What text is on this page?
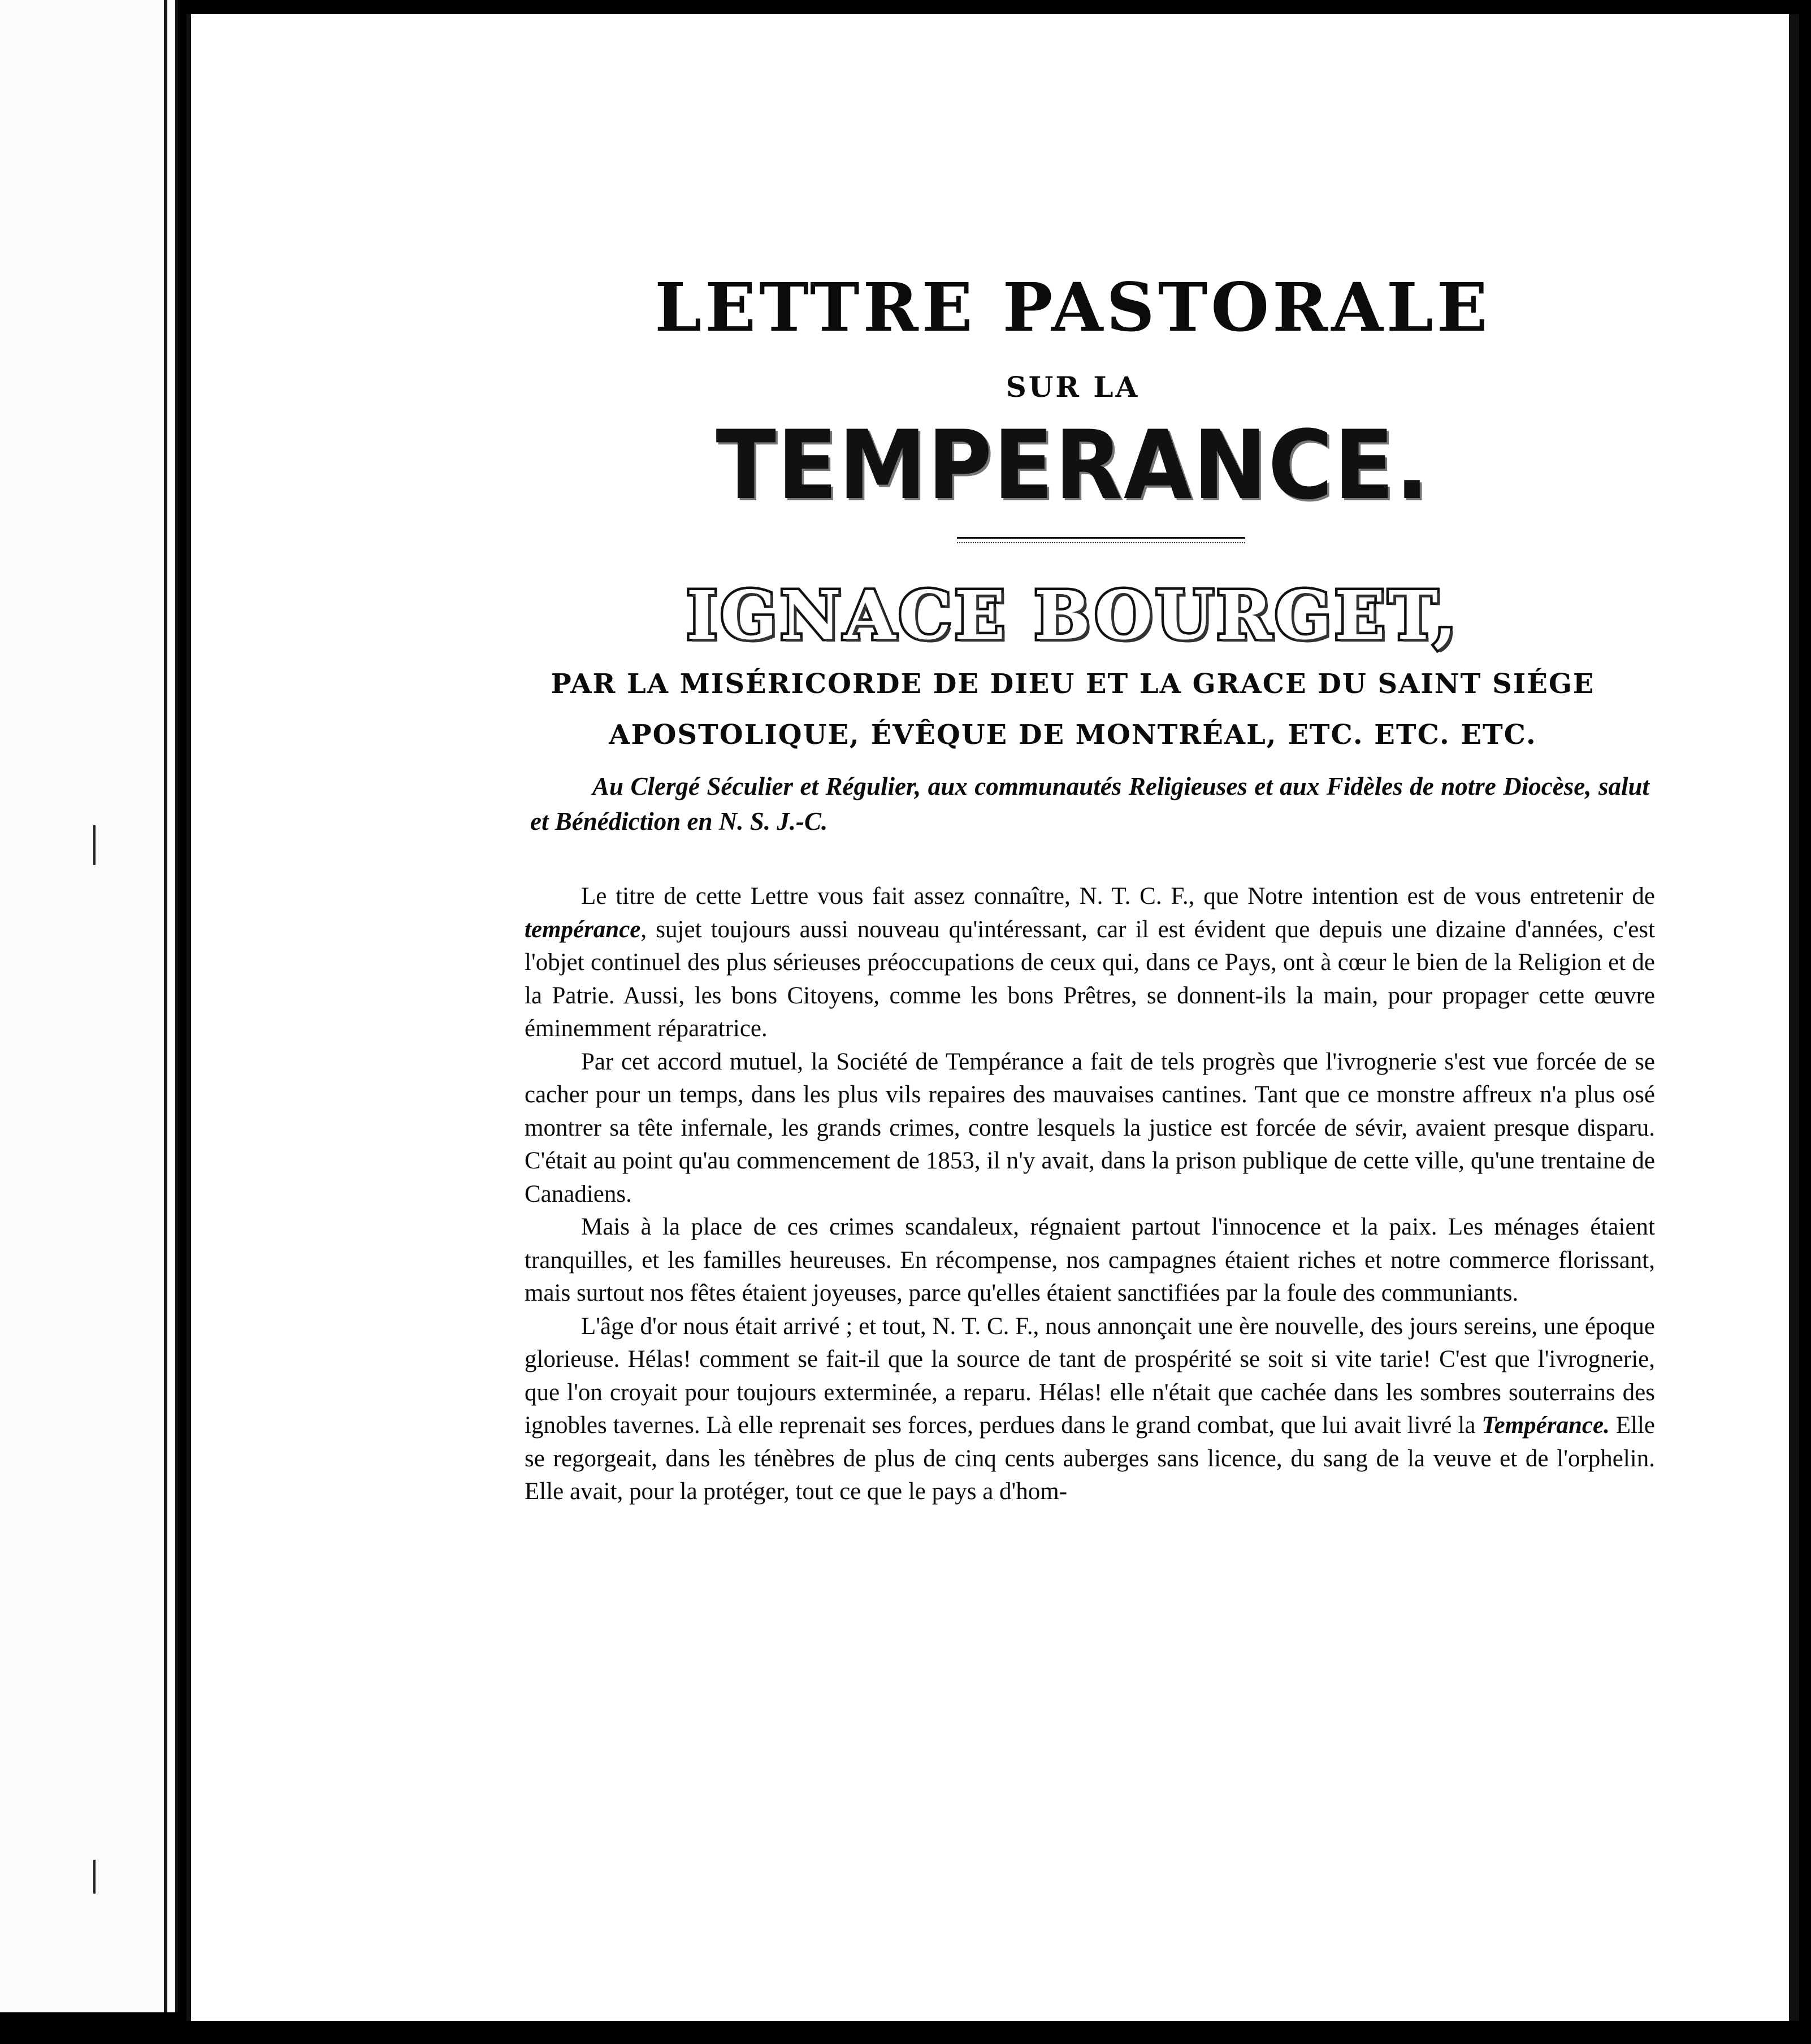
LETTRE PASTORALE
SUR LA
TEMPERANCE.
IGNACE BOURGET,
PAR LA MISÉRICORDE DE DIEU ET LA GRACE DU SAINT SIÉGE
APOSTOLIQUE, ÉVÊQUE DE MONTRÉAL, ETC. ETC. ETC.
Au Clergé Séculier et Régulier, aux communautés Religieuses et aux Fidèles de notre Diocèse, salut et Bénédiction en N. S. J.-C.

Le titre de cette Lettre vous fait assez connaître, N. T. C. F., que Notre intention est de vous entretenir de tempérance, sujet toujours aussi nouveau qu'intéressant, car il est évident que depuis une dizaine d'années, c'est l'objet continuel des plus sérieuses préoccupations de ceux qui, dans ce Pays, ont à cœur le bien de la Religion et de la Patrie. Aussi, les bons Citoyens, comme les bons Prêtres, se donnent-ils la main, pour propager cette œuvre éminemment réparatrice.

Par cet accord mutuel, la Société de Tempérance a fait de tels progrès que l'ivrognerie s'est vue forcée de se cacher pour un temps, dans les plus vils repaires des mauvaises cantines. Tant que ce monstre affreux n'a plus osé montrer sa tête infernale, les grands crimes, contre lesquels la justice est forcée de sévir, avaient presque disparu. C'était au point qu'au commencement de 1853, il n'y avait, dans la prison publique de cette ville, qu'une trentaine de Canadiens.

Mais à la place de ces crimes scandaleux, régnaient partout l'innocence et la paix. Les ménages étaient tranquilles, et les familles heureuses. En récompense, nos campagnes étaient riches et notre commerce florissant, mais surtout nos fêtes étaient joyeuses, parce qu'elles étaient sanctifiées par la foule des communiants.

L'âge d'or nous était arrivé ; et tout, N. T. C. F., nous annonçait une ère nouvelle, des jours sereins, une époque glorieuse. Hélas! comment se fait-il que la source de tant de prospérité se soit si vite tarie! C'est que l'ivrognerie, que l'on croyait pour toujours exterminée, a reparu. Hélas! elle n'était que cachée dans les sombres souterrains des ignobles tavernes. Là elle reprenait ses forces, perdues dans le grand combat, que lui avait livré la Tempérance. Elle se regorgeait, dans les ténèbres de plus de cinq cents auberges sans licence, du sang de la veuve et de l'orphelin. Elle avait, pour la protéger, tout ce que le pays a d'hom-
